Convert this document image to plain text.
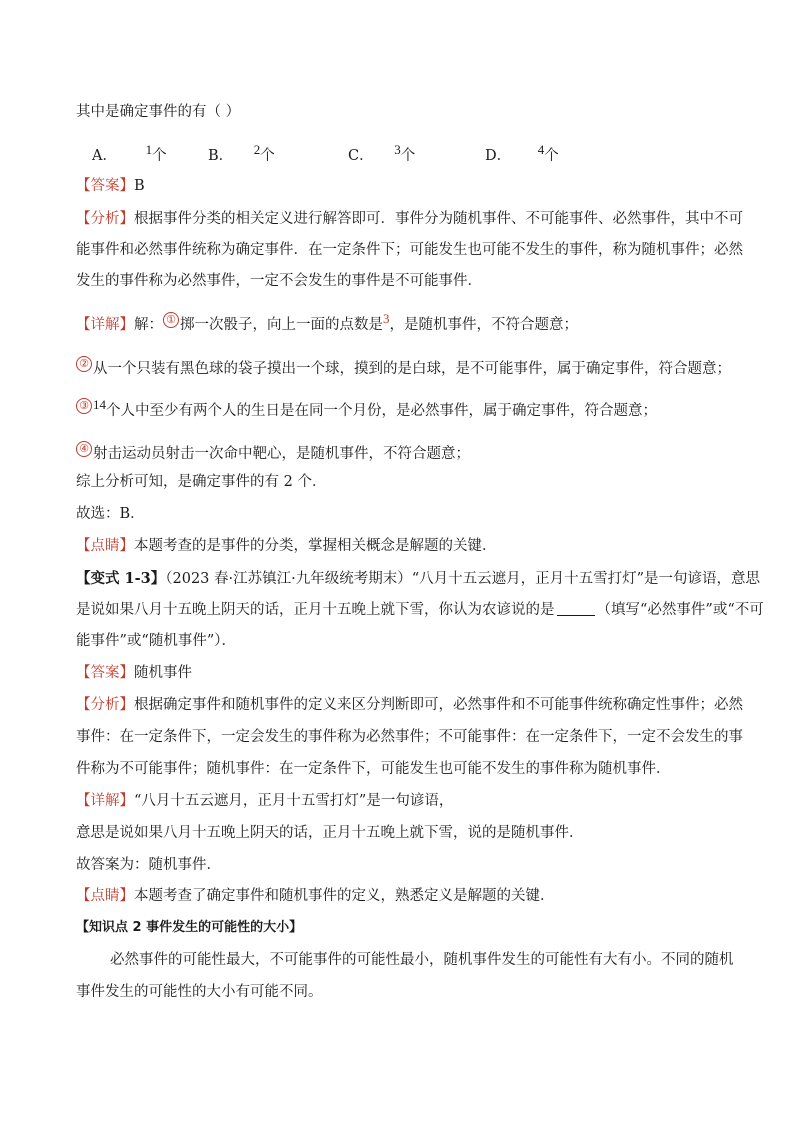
其中是确定事件的有（ ）
A． 1个	B． 2个	C． 3个	D． 4个
【答案】B
【分析】根据事件分类的相关定义进行解答即可．事件分为随机事件、不可能事件、必然事件，其中不可
能事件和必然事件统称为确定事件．在一定条件下；可能发生也可能不发生的事件，称为随机事件；必然
发生的事件称为必然事件，一定不会发生的事件是不可能事件．
【详解】解： ① 掷一次骰子，向上一面的点数是3，是随机事件，不符合题意；
② 从一个只装有黑色球的袋子摸出一个球，摸到的是白球，是不可能事件，属于确定事件，符合题意；
③ 14个人中至少有两个人的生日是在同一个月份，是必然事件，属于确定事件，符合题意；
④ 射击运动员射击一次命中靶心，是随机事件，不符合题意；
综上分析可知，是确定事件的有 2 个．
故选：B．
【点睛】本题考查的是事件的分类，掌握相关概念是解题的关键．
【变式 1-3】（2023 春·江苏镇江·九年级统考期末）“八月十五云遮月，正月十五雪打灯”是一句谚语，意思
是说如果八月十五晚上阴天的话，正月十五晚上就下雪，你认为农谚说的是	（填写“必然事件”或“不可
能事件”或“随机事件”）．
【答案】随机事件
【分析】根据确定事件和随机事件的定义来区分判断即可，必然事件和不可能事件统称确定性事件；必然
事件：在一定条件下，一定会发生的事件称为必然事件；不可能事件：在一定条件下，一定不会发生的事
件称为不可能事件；随机事件：在一定条件下，可能发生也可能不发生的事件称为随机事件．
【详解】“八月十五云遮月，正月十五雪打灯”是一句谚语，
意思是说如果八月十五晚上阴天的话，正月十五晚上就下雪，说的是随机事件．
故答案为：随机事件．
【点睛】本题考查了确定事件和随机事件的定义，熟悉定义是解题的关键．
【知识点 2 事件发生的可能性的大小】
必然事件的可能性最大，不可能事件的可能性最小，随机事件发生的可能性有大有小。不同的随机
事件发生的可能性的大小有可能不同。
